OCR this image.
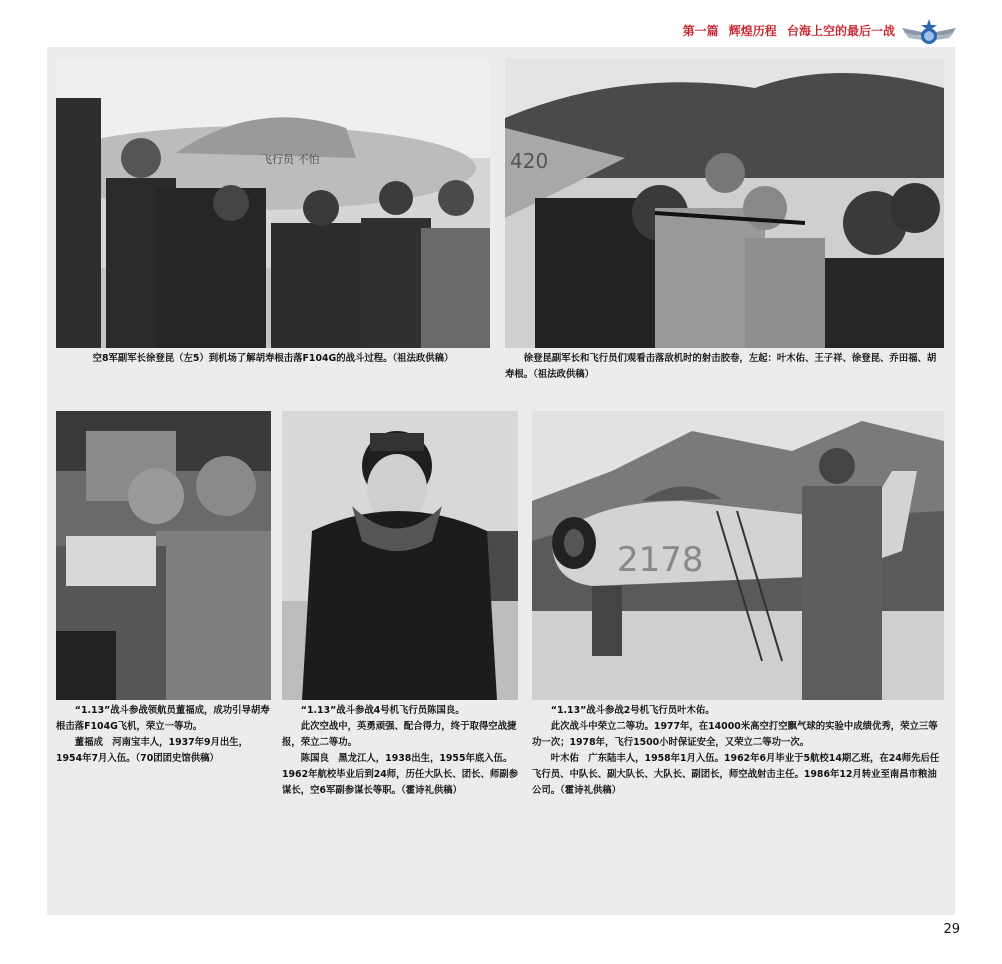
第一篇 辉煌历程 台海上空的最后一战
飞行员 不怕	420

空8军副军长徐登昆（左5）到机场了解胡寿根击落F104G的战斗过程。（祖法政供稿）	徐登昆副军长和飞行员们观看击落敌机时的射击胶卷，左起：叶木佑、王子祥、徐登昆、乔田福、胡寿根。（祖法政供稿）

2178

“1.13”战斗参战领航员董福成，成功引导胡寿根击落F104G飞机，荣立一等功。

董福成　河南宝丰人，1937年9月出生，1954年7月入伍。（70团团史馆供稿）

“1.13”战斗参战4号机飞行员陈国良。

此次空战中，英勇顽强、配合得力，终于取得空战捷报，荣立二等功。

陈国良　黑龙江人，1938出生，1955年底入伍。1962年航校毕业后到24师，历任大队长、团长、师副参谋长，空6军副参谋长等职。（霍诗礼供稿）

“1.13”战斗参战2号机飞行员叶木佑。

此次战斗中荣立二等功。1977年，在14000米高空打空飘气球的实验中成绩优秀，荣立三等功一次；1978年，飞行1500小时保证安全，又荣立二等功一次。

叶木佑　广东陆丰人，1958年1月入伍。1962年6月毕业于5航校14期乙班，在24师先后任飞行员、中队长、副大队长、大队长、副团长，师空战射击主任。1986年12月转业至南昌市粮油公司。（霍诗礼供稿）

29
